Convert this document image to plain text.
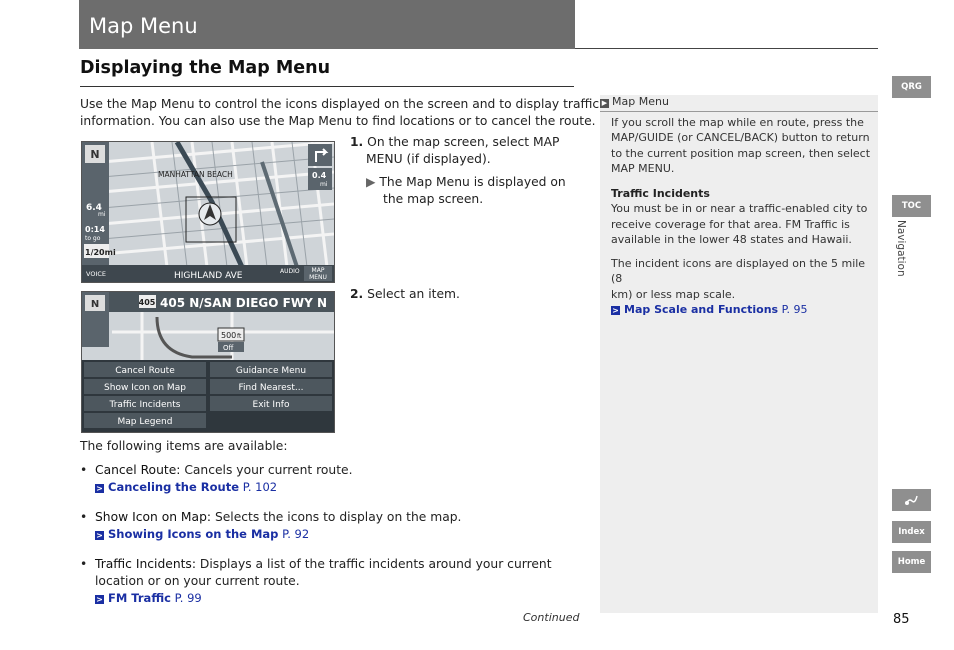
Map Menu
Displaying the Map Menu
Use the Map Menu to control the icons displayed on the screen and to display traffic
information. You can also use the Map Menu to find locations or to cancel the route.
MANHATTAN BEACH
N
6.4
mi
0:14
to go
1/20mi
0.4
mi
VOICE	HIGHLAND AVE	AUDIO MAP
MENU
1. On the map screen, select MAP
MENU (if displayed).
▶ The Map Menu is displayed on
the map screen.
405 405 N/SAN DIEGO FWY N
N
500 ft
Off
Cancel Route	Guidance Menu
Show Icon on Map	Find Nearest...
Traffic Incidents	Exit Info
Map Legend
2. Select an item.
The following items are available:
• Cancel Route: Cancels your current route.
> Canceling the Route P. 102
• Show Icon on Map: Selects the icons to display on the map.
> Showing Icons on the Map P. 92
• Traffic Incidents: Displays a list of the traffic incidents around your current
location or on your current route.
> FM Traffic P. 99
Continued
▶ Map Menu
If you scroll the map while en route, press the
MAP/GUIDE (or CANCEL/BACK) button to return
to the current position map screen, then select
MAP MENU.
Traffic Incidents
You must be in or near a traffic-enabled city to
receive coverage for that area. FM Traffic is
available in the lower 48 states and Hawaii.
The incident icons are displayed on the 5 mile (8
km) or less map scale.
> Map Scale and Functions P. 95
QRG
TOC
Navigation
Index
Home
85
